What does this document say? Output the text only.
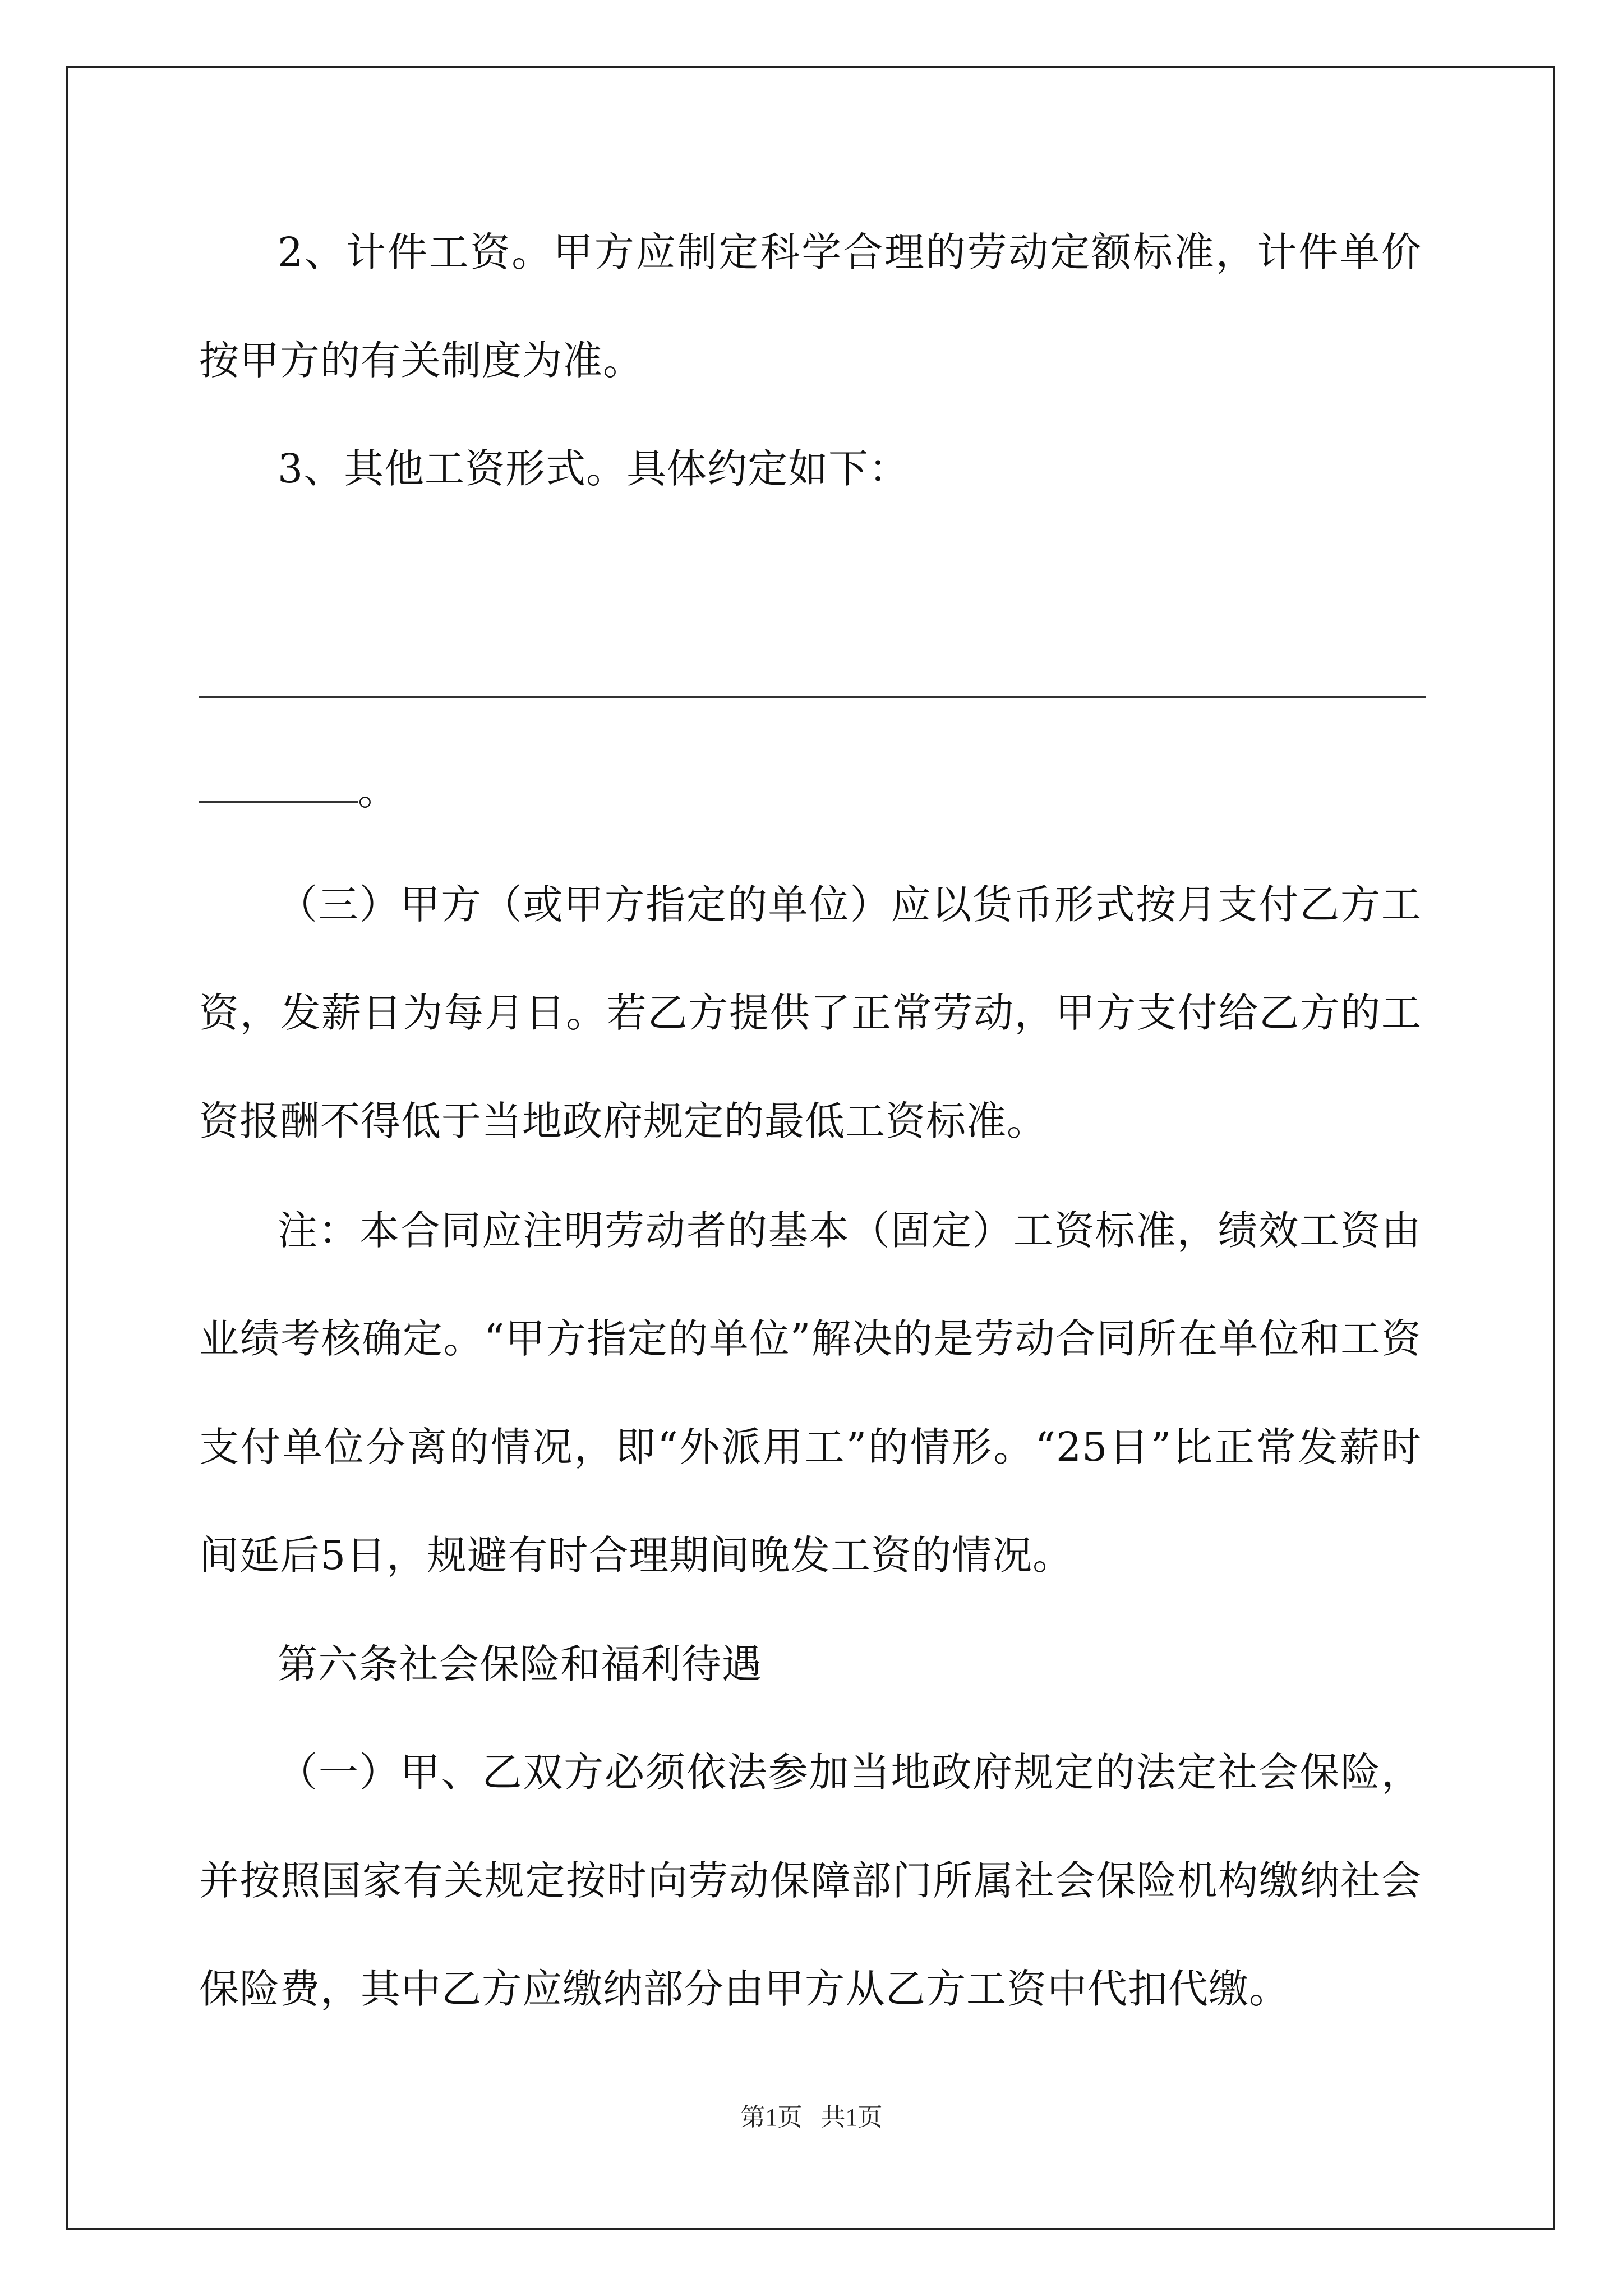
2、计件工资。甲方应制定科学合理的劳动定额标准，计件单价按甲方的有关制度为准。

3、其他工资形式。具体约定如下：

。

（三）甲方（或甲方指定的单位）应以货币形式按月支付乙方工资，发薪日为每月日。若乙方提供了正常劳动，甲方支付给乙方的工资报酬不得低于当地政府规定的最低工资标准。

注：本合同应注明劳动者的基本（固定）工资标准，绩效工资由业绩考核确定。“甲方指定的单位”解决的是劳动合同所在单位和工资支付单位分离的情况，即“外派用工”的情形。“25日”比正常发薪时间延后5日，规避有时合理期间晚发工资的情况。

第六条社会保险和福利待遇

（一）甲、乙双方必须依法参加当地政府规定的法定社会保险，并按照国家有关规定按时向劳动保障部门所属社会保险机构缴纳社会保险费，其中乙方应缴纳部分由甲方从乙方工资中代扣代缴。

第1页 共1页
